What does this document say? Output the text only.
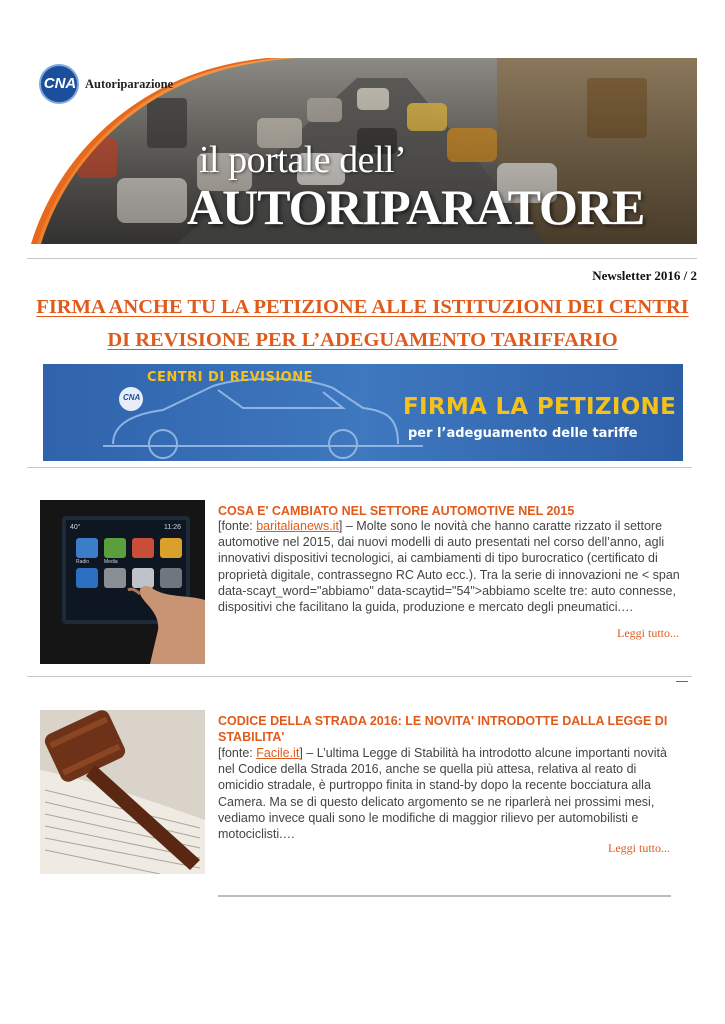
CNA Autoriparazione
il portale dell’
AUTORIPARATORE
Newsletter 2016 / 2
FIRMA ANCHE TU LA PETIZIONE ALLE ISTITUZIONI DEI CENTRI DI REVISIONE PER L’ADEGUAMENTO TARIFFARIO
CNA
CENTRI DI REVISIONE
FIRMA LA PETIZIONE
per l’adeguamento delle tariffe
40°	11:26
Radio	Media
COSA E' CAMBIATO NEL SETTORE AUTOMOTIVE NEL 2015
[fonte: baritalianews.it] – Molte sono le novità che hanno caratte rizzato il settore automotive nel 2015, dai nuovi modelli di auto presentati nel corso dell’anno, agli innovativi dispositivi tecnologici, ai cambiamenti di tipo burocratico (certificato di proprietà digitale, contrassegno RC Auto ecc.). Tra la serie di innovazioni ne < span data-scayt_word="abbiamo" data-scaytid="54">abbiamo scelte tre: auto connesse, dispositivi che facilitano la guida, produzione e mercato degli pneumatici.…
Leggi tutto...
CODICE DELLA STRADA 2016: LE NOVITA' INTRODOTTE DALLA LEGGE DI STABILITA'
[fonte: Facile.it] – L’ultima Legge di Stabilità ha introdotto alcune importanti novità nel Codice della Strada 2016, anche se quella più attesa, relativa al reato di omicidio stradale, è purtroppo finita in stand-by dopo la recente bocciatura alla Camera. Ma se di questo delicato argomento se ne riparlerà nei prossimi mesi, vediamo invece quali sono le modifiche di maggior rilievo per automobilisti e motociclisti.…
Leggi tutto...
